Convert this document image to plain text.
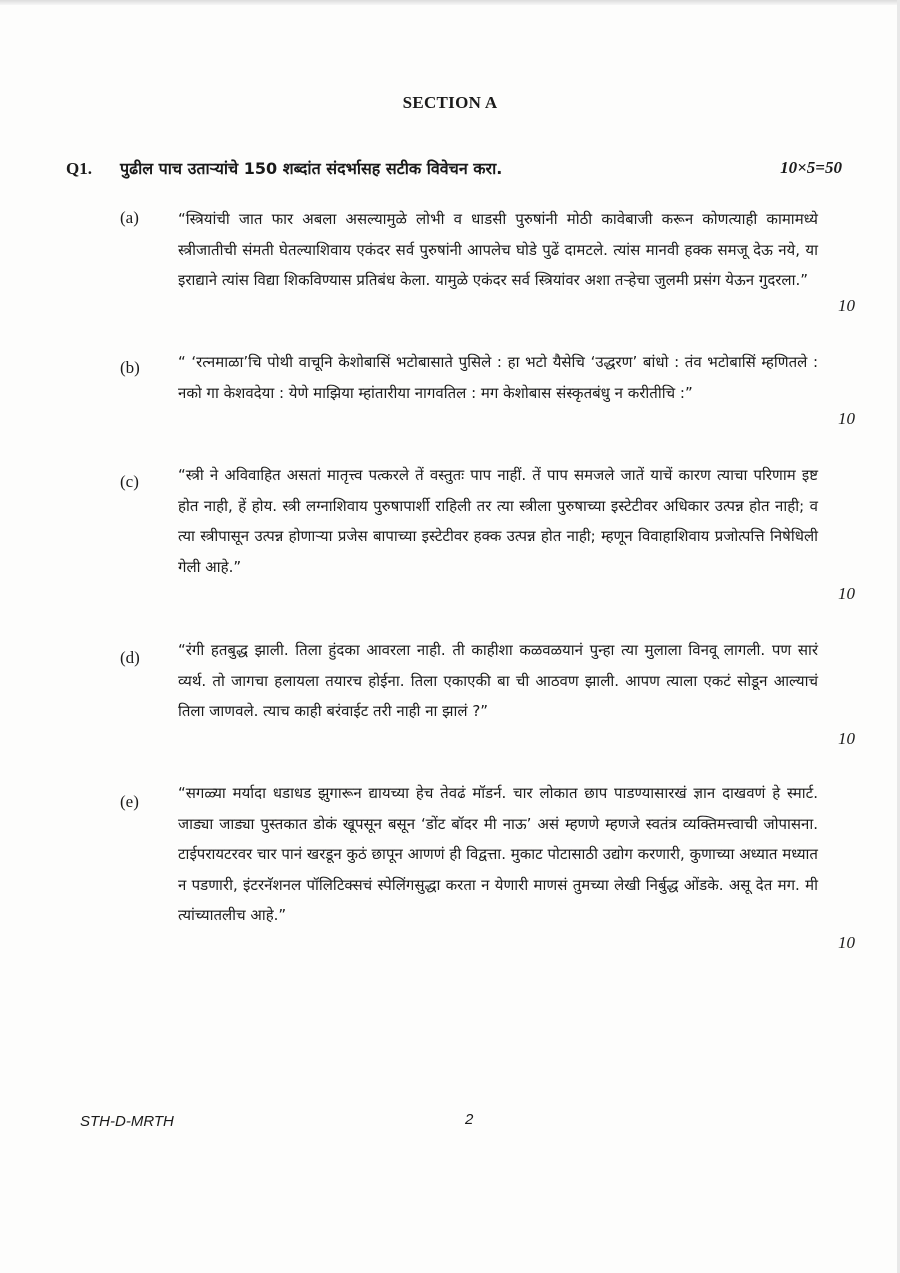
SECTION A
Q1. पुढील पाच उताऱ्यांचे 150 शब्दांत संदर्भासह सटीक विवेचन करा.	10×5=50
(a)	“स्त्रियांची जात फार अबला असल्यामुळे लोभी व धाडसी पुरुषांनी मोठी कावेबाजी करून कोणत्याही कामामध्ये स्त्रीजातीची संमती घेतल्याशिवाय एकंदर सर्व पुरुषांनी आपलेच घोडे पुढें दामटले. त्यांस मानवी हक्क समजू देऊ नये, या इराद्याने त्यांस विद्या शिकविण्यास प्रतिबंध केला. यामुळे एकंदर सर्व स्त्रियांवर अशा तऱ्हेचा जुलमी प्रसंग येऊन गुदरला.”

10
(b)	“ ‘रत्नमाळा’चि पोथी वाचूनि केशोबासिं भटोबासाते पुसिले : हा भटो यैसेचि ‘उद्धरण’ बांधो : तंव भटोबासिं म्हणितले : नको गा केशवदेया : येणे माझिया म्हांतारीया नागवतिल : मग केशोबास संस्कृतबंधु न करीतीचि :”

10
(c)	“स्त्री ने अविवाहित असतां मातृत्त्व पत्करले तें वस्तुतः पाप नाहीं. तें पाप समजले जातें याचें कारण त्याचा परिणाम इष्ट होत नाही, हें होय. स्त्री लग्नाशिवाय पुरुषापार्शी राहिली तर त्या स्त्रीला पुरुषाच्या इस्टेटीवर अधिकार उत्पन्न होत नाही; व त्या स्त्रीपासून उत्पन्न होणाऱ्या प्रजेस बापाच्या इस्टेटीवर हक्क उत्पन्न होत नाही; म्हणून विवाहाशिवाय प्रजोत्पत्ति निषेधिली गेली आहे.”

10
(d)	“रंगी हतबुद्ध झाली. तिला हुंदका आवरला नाही. ती काहीशा कळवळयानं पुन्हा त्या मुलाला विनवू लागली. पण सारं व्यर्थ. तो जागचा हलायला तयारच होईना. तिला एकाएकी बा ची आठवण झाली. आपण त्याला एकटं सोडून आल्याचं तिला जाणवले. त्याच काही बरंवाईट तरी नाही ना झालं ?”

10
(e)	“सगळ्या मर्यादा धडाधड झुगारून द्यायच्या हेच तेवढं मॉडर्न. चार लोकात छाप पाडण्यासारखं ज्ञान दाखवणं हे स्मार्ट. जाड्या जाड्या पुस्तकात डोकं खूपसून बसून ‘डोंट बॉदर मी नाऊ’ असं म्हणणे म्हणजे स्वतंत्र व्यक्तिमत्त्वाची जोपासना. टाईपरायटरवर चार पानं खरडून कुठं छापून आणणं ही विद्वत्ता. मुकाट पोटासाठी उद्योग करणारी, कुणाच्या अध्यात मध्यात न पडणारी, इंटरनॅशनल पॉलिटिक्सचं स्पेलिंगसुद्धा करता न येणारी माणसं तुमच्या लेखी निर्बुद्ध ओंडके. असू देत मग. मी त्यांच्यातलीच आहे.”

10
STH-D-MRTH	2
